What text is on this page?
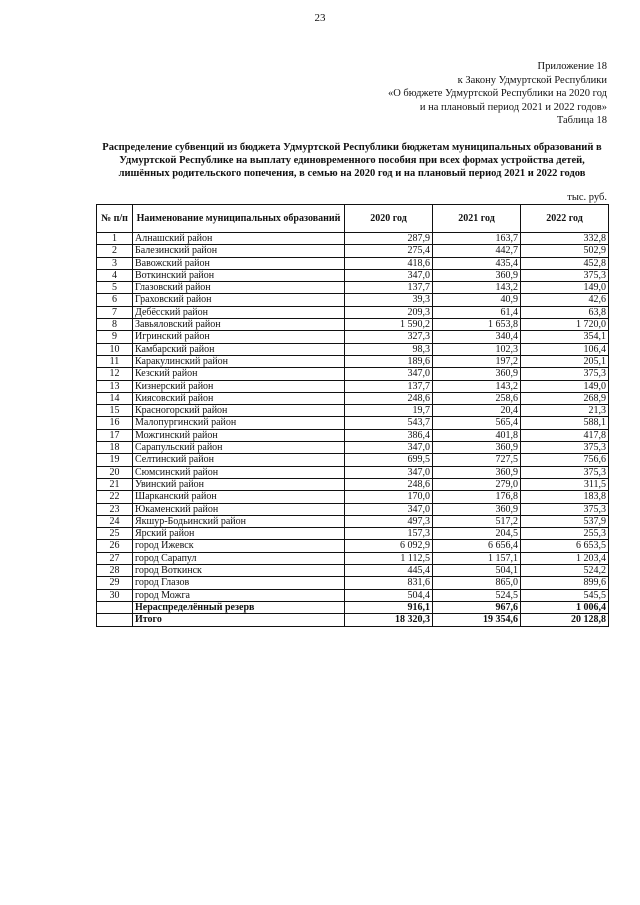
23
Приложение 18
к Закону Удмуртской Республики
«О бюджете Удмуртской Республики на 2020 год
и на плановый период 2021 и 2022 годов»
Таблица 18
Распределение субвенций из бюджета Удмуртской Республики бюджетам муниципальных образований в Удмуртской Республике на выплату единовременного пособия при всех формах устройства детей, лишённых родительского попечения, в семью на 2020 год и на плановый период 2021 и 2022 годов
тыс. руб.
№ п/п	Наименование муниципальных образований	2020 год	2021 год	2022 год
1	Алнашский район	287,9	163,7	332,8
2	Балезинский район	275,4	442,7	502,9
3	Вавожский район	418,6	435,4	452,8
4	Воткинский район	347,0	360,9	375,3
5	Глазовский район	137,7	143,2	149,0
6	Граховский район	39,3	40,9	42,6
7	Дебёсский район	209,3	61,4	63,8
8	Завьяловский район	1 590,2	1 653,8	1 720,0
9	Игринский район	327,3	340,4	354,1
10	Камбарский район	98,3	102,3	106,4
11	Каракулинский район	189,6	197,2	205,1
12	Кезский район	347,0	360,9	375,3
13	Кизнерский район	137,7	143,2	149,0
14	Киясовский район	248,6	258,6	268,9
15	Красногорский район	19,7	20,4	21,3
16	Малопургинский район	543,7	565,4	588,1
17	Можгинский район	386,4	401,8	417,8
18	Сарапульский район	347,0	360,9	375,3
19	Селтинский район	699,5	727,5	756,6
20	Сюмсинский район	347,0	360,9	375,3
21	Увинский район	248,6	279,0	311,5
22	Шарканский район	170,0	176,8	183,8
23	Юкаменский район	347,0	360,9	375,3
24	Якшур-Бодьинский район	497,3	517,2	537,9
25	Ярский район	157,3	204,5	255,3
26	город Ижевск	6 092,9	6 656,4	6 653,5
27	город Сарапул	1 112,5	1 157,1	1 203,4
28	город Воткинск	445,4	504,1	524,2
29	город Глазов	831,6	865,0	899,6
30	город Можга	504,4	524,5	545,5
	Нераспределённый резерв	916,1	967,6	1 006,4
	Итого	18 320,3	19 354,6	20 128,8
